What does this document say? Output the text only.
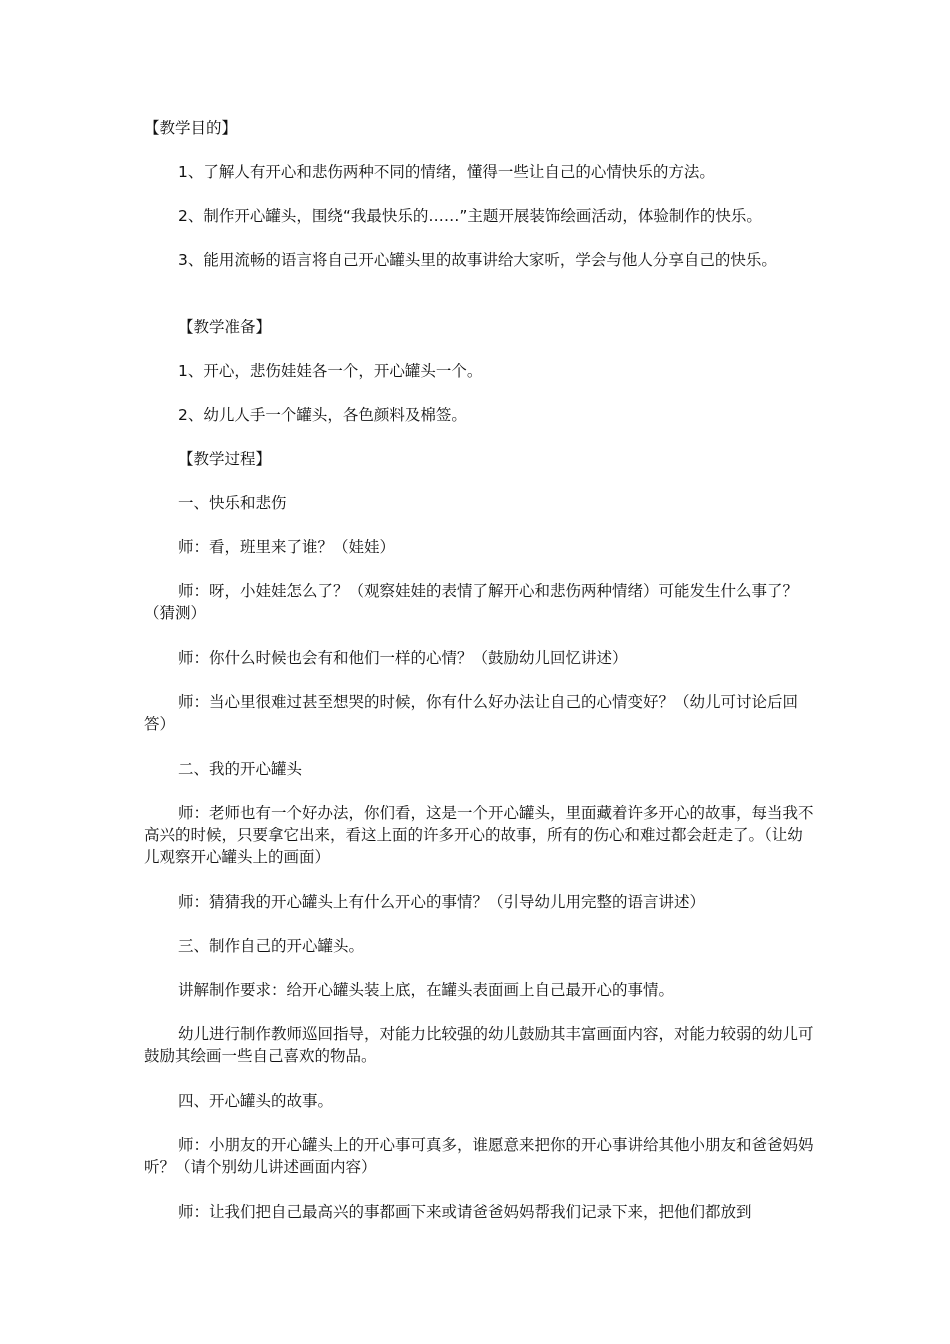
【教学目的】

1、了解人有开心和悲伤两种不同的情绪，懂得一些让自己的心情快乐的方法。

2、制作开心罐头，围绕“我最快乐的……”主题开展装饰绘画活动，体验制作的快乐。

3、能用流畅的语言将自己开心罐头里的故事讲给大家听，学会与他人分享自己的快乐。

【教学准备】

1、开心，悲伤娃娃各一个，开心罐头一个。

2、幼儿人手一个罐头，各色颜料及棉签。

【教学过程】

一、快乐和悲伤

师：看，班里来了谁？（娃娃）

师：呀，小娃娃怎么了？（观察娃娃的表情了解开心和悲伤两种情绪）可能发生什么事了？（猜测）

师：你什么时候也会有和他们一样的心情？（鼓励幼儿回忆讲述）

师：当心里很难过甚至想哭的时候，你有什么好办法让自己的心情变好？（幼儿可讨论后回答）

二、我的开心罐头

师：老师也有一个好办法，你们看，这是一个开心罐头，里面藏着许多开心的故事，每当我不高兴的时候，只要拿它出来，看这上面的许多开心的故事，所有的伤心和难过都会赶走了。（让幼儿观察开心罐头上的画面）

师：猜猜我的开心罐头上有什么开心的事情？（引导幼儿用完整的语言讲述）

三、制作自己的开心罐头。

讲解制作要求：给开心罐头装上底，在罐头表面画上自己最开心的事情。

幼儿进行制作教师巡回指导，对能力比较强的幼儿鼓励其丰富画面内容，对能力较弱的幼儿可鼓励其绘画一些自己喜欢的物品。

四、开心罐头的故事。

师：小朋友的开心罐头上的开心事可真多，谁愿意来把你的开心事讲给其他小朋友和爸爸妈妈听？（请个别幼儿讲述画面内容）

师：让我们把自己最高兴的事都画下来或请爸爸妈妈帮我们记录下来，把他们都放到
